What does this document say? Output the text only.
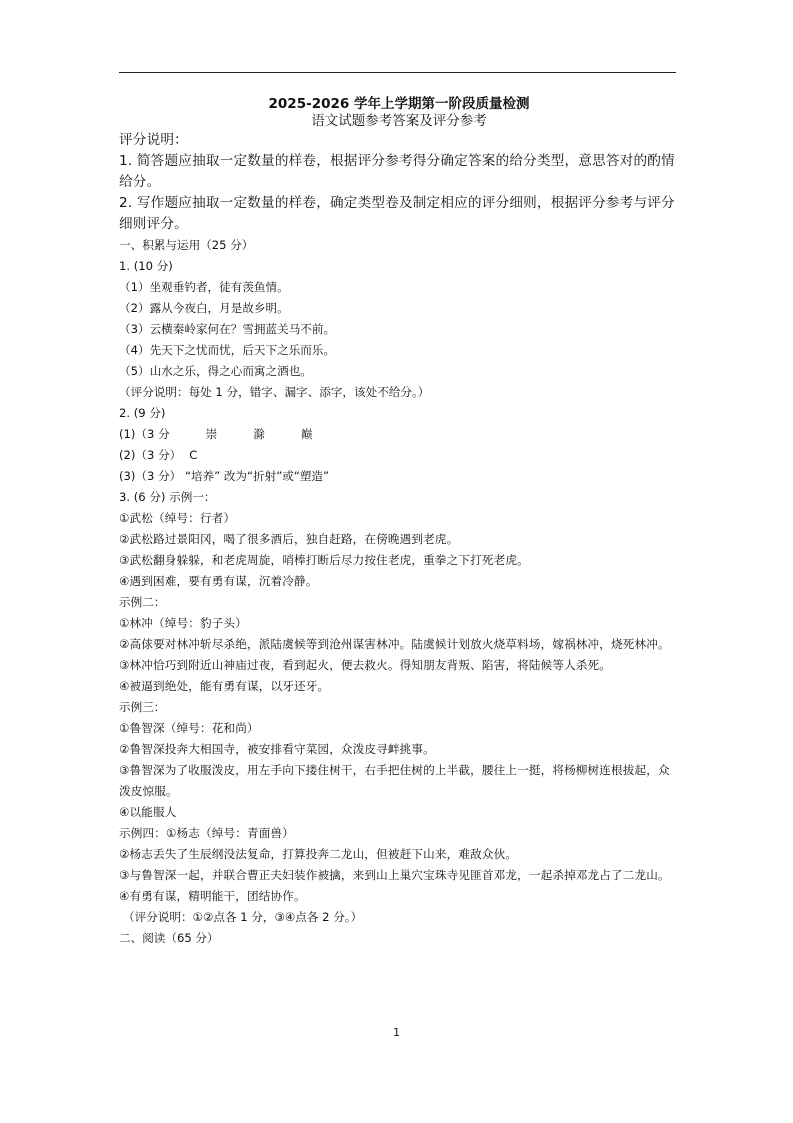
2025-2026 学年上学期第一阶段质量检测

语文试题参考答案及评分参考

评分说明：

1. 简答题应抽取一定数量的样卷，根据评分参考得分确定答案的给分类型，意思答对的酌情给分。

2. 写作题应抽取一定数量的样卷，确定类型卷及制定相应的评分细则，根据评分参考与评分细则评分。

一、积累与运用（25 分）

1. (10 分)

（1）坐观垂钓者，徒有羡鱼情。

（2）露从今夜白，月是故乡明。

（3）云横秦岭家何在？雪拥蓝关马不前。

（4）先天下之忧而忧，后天下之乐而乐。

（5）山水之乐，得之心而寓之酒也。

（评分说明：每处 1 分，错字、漏字、添字，该处不给分。）

2. (9 分)

(1)（3 分	崇	滁	巅

(2)（3 分） C

(3)（3 分） “培养” 改为“折射”或“塑造”

3. (6 分) 示例一：

①武松（绰号：行者）

②武松路过景阳冈，喝了很多酒后，独自赶路，在傍晚遇到老虎。

③武松翻身躲躲，和老虎周旋，哨棒打断后尽力按住老虎，重拳之下打死老虎。

④遇到困难，要有勇有谋，沉着冷静。

示例二：

①林冲（绰号：豹子头）

②高俅要对林冲斩尽杀绝，派陆虞候等到沧州谋害林冲。陆虞候计划放火烧草料场，嫁祸林冲，烧死林冲。

③林冲恰巧到附近山神庙过夜，看到起火，便去救火。得知朋友背叛、陷害，将陆候等人杀死。

④被逼到绝处，能有勇有谋，以牙还牙。

示例三：

①鲁智深（绰号：花和尚）

②鲁智深投奔大相国寺，被安排看守菜园，众泼皮寻衅挑事。

③鲁智深为了收服泼皮，用左手向下搂住树干，右手把住树的上半截，腰往上一挺，将杨柳树连根拔起，众泼皮惊服。

④以能服人

示例四：①杨志（绰号：青面兽）

②杨志丢失了生辰纲没法复命，打算投奔二龙山，但被赶下山来，难敌众伙。

③与鲁智深一起，并联合曹正夫妇装作被擒，来到山上巢穴宝珠寺见匪首邓龙，一起杀掉邓龙占了二龙山。

④有勇有谋，精明能干，团结协作。

（评分说明：①②点各 1 分，③④点各 2 分。）

二、阅读（65 分）

1
